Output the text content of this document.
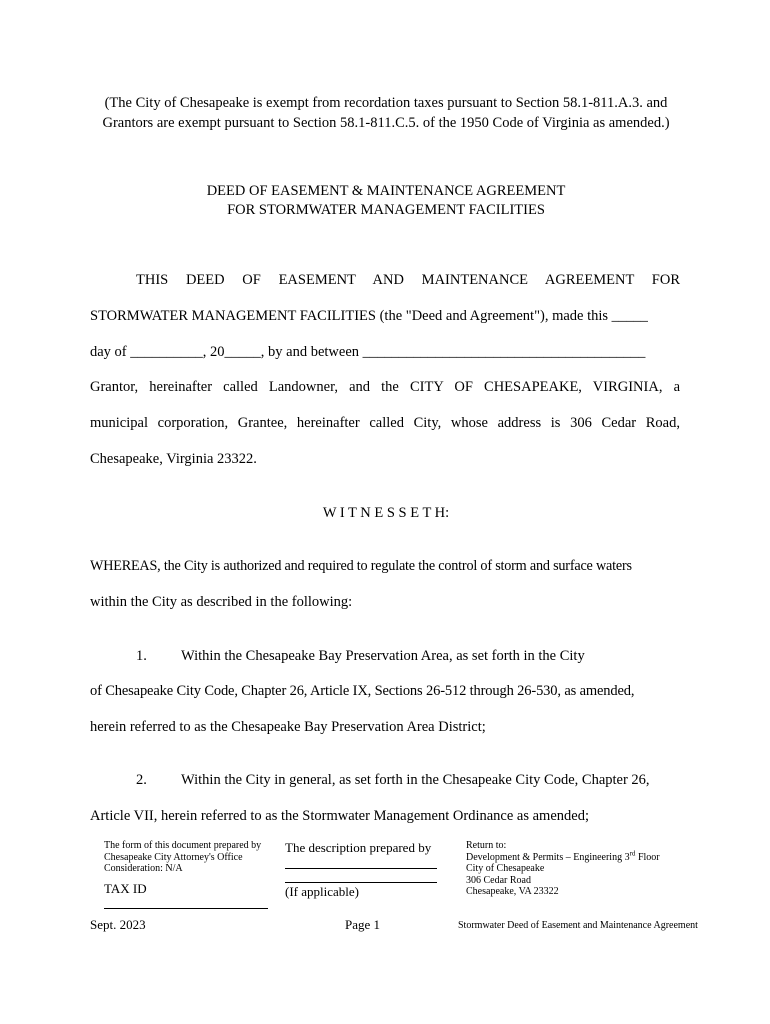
(The City of Chesapeake is exempt from recordation taxes pursuant to Section 58.1-811.A.3. and
Grantors are exempt pursuant to Section 58.1-811.C.5. of the 1950 Code of Virginia as amended.)
DEED OF EASEMENT & MAINTENANCE AGREEMENT
FOR STORMWATER MANAGEMENT FACILITIES
THIS DEED OF EASEMENT AND MAINTENANCE AGREEMENT FOR
STORMWATER MANAGEMENT FACILITIES (the "Deed and Agreement"), made this _____
day of __________, 20_____, by and between _______________________________________
Grantor, hereinafter called Landowner, and the CITY OF CHESAPEAKE, VIRGINIA, a
municipal corporation, Grantee, hereinafter called City, whose address is 306 Cedar Road,
Chesapeake, Virginia 23322.
W I T N E S S E T H:
WHEREAS, the City is authorized and required to regulate the control of storm and surface waters
within the City as described in the following:
1. Within the Chesapeake Bay Preservation Area, as set forth in the City
of Chesapeake City Code, Chapter 26, Article IX, Sections 26-512 through 26-530, as amended,
herein referred to as the Chesapeake Bay Preservation Area District;
2. Within the City in general, as set forth in the Chesapeake City Code, Chapter 26,
Article VII, herein referred to as the Stormwater Management Ordinance as amended;
The form of this document prepared by
Chesapeake City Attorney's Office
Consideration: N/A
TAX ID
The description prepared by
(If applicable)
Return to:
Development & Permits – Engineering 3rd Floor
City of Chesapeake
306 Cedar Road
Chesapeake, VA 23322
Sept. 2023	Page 1	Stormwater Deed of Easement and Maintenance Agreement
